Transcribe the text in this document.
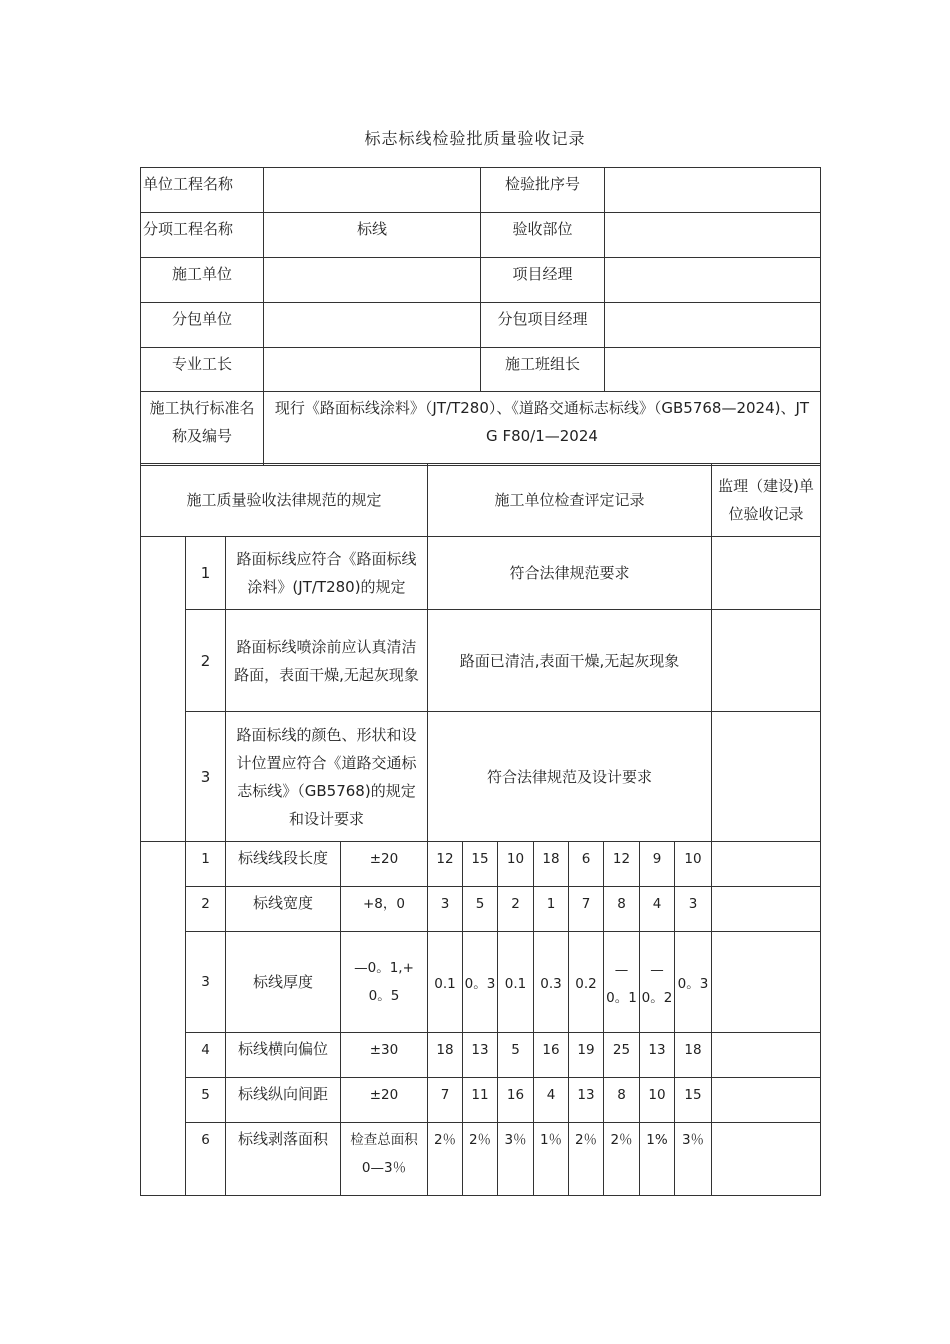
标志标线检验批质量验收记录
单位工程名称		检验批序号	
分项工程名称	标线	验收部位	
施工单位		项目经理	
分包单位		分包项目经理	
专业工长		施工班组长	
施工执行标准名称及编号	现行《路面标线涂料》（JT/T280）、《道路交通标志标线》（GB5768—2024)、JTG F80/1—2024		
施工质量验收法律规范的规定			施工单位检查评定记录	监理（建设)单位验收记录
	1	路面标线应符合《路面标线涂料》(JT/T280)的规定	符合法律规范要求	
	2	路面标线喷涂前应认真清洁路面，表面干燥,无起灰现象	路面已清洁,表面干燥,无起灰现象	
	3	路面标线的颜色、形状和设计位置应符合《道路交通标志标线》（GB5768)的规定和设计要求	符合法律规范及设计要求	
	1	标线线段长度	±20	12	15	10	18	6	12	9	10	
	2	标线宽度	+8，0	3	5	2	1	7	8	4	3	
	3	标线厚度	—0。1,+0。5	0.1	0。3	0.1	0.3	0.2	—0。1	—0。2	0。3	
	4	标线横向偏位	±30	18	13	5	16	19	25	13	18	
	5	标线纵向间距	±20	7	11	16	4	13	8	10	15	
	6	标线剥落面积	检查总面积0—3％	2％	2％	3％	1％	2％	2％	1%	3％	
